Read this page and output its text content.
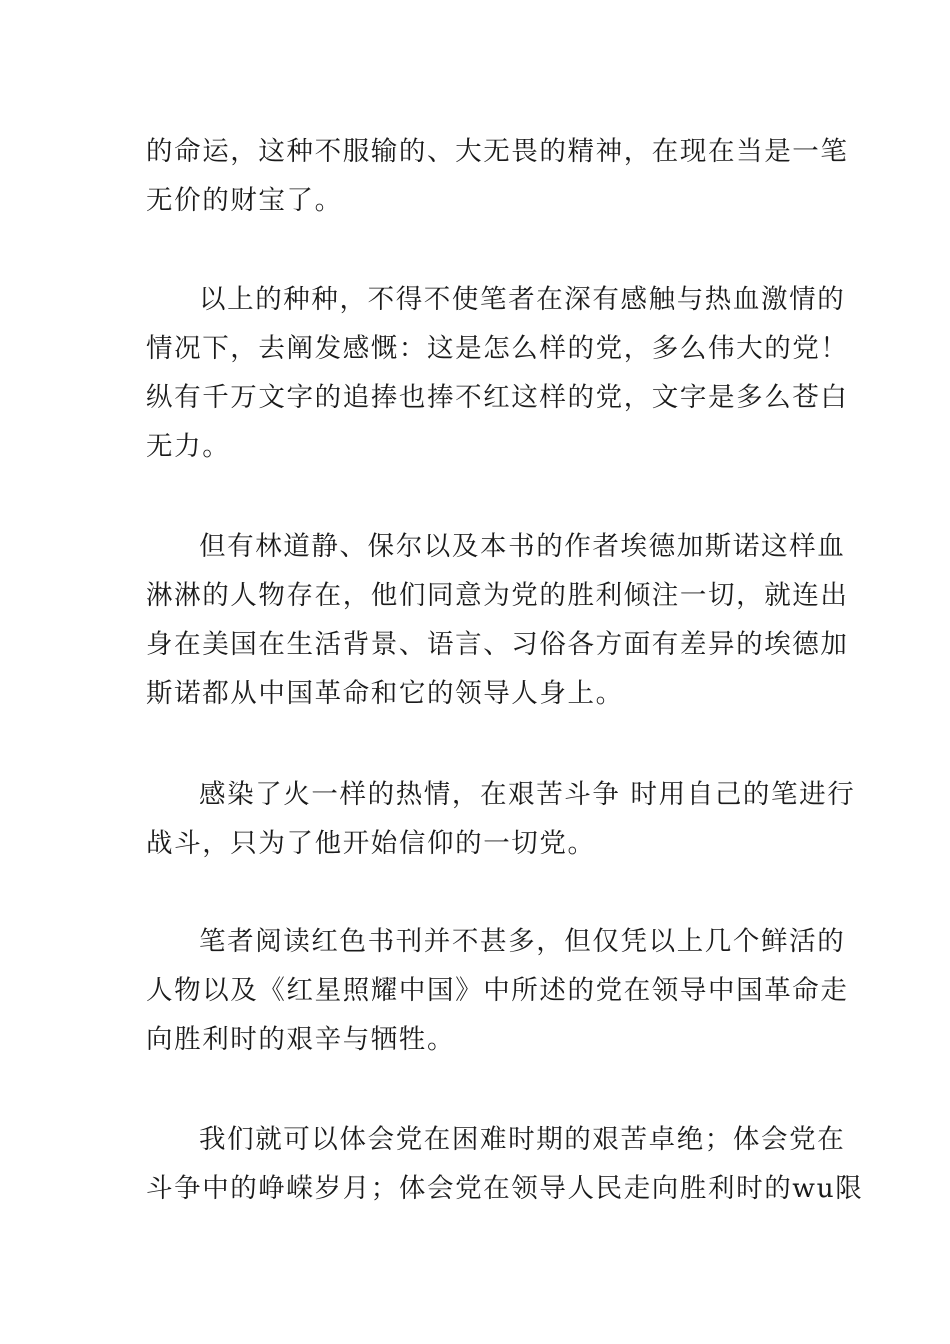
的命运，这种不服输的、大无畏的精神，在现在当是一笔
无价的财宝了。
以上的种种，不得不使笔者在深有感触与热血激情的
情况下，去阐发感慨：这是怎么样的党，多么伟大的党！
纵有千万文字的追捧也捧不红这样的党，文字是多么苍白
无力。
但有林道静、保尔以及本书的作者埃德加斯诺这样血
淋淋的人物存在，他们同意为党的胜利倾注一切，就连出
身在美国在生活背景、语言、习俗各方面有差异的埃德加
斯诺都从中国革命和它的领导人身上。
感染了火一样的热情，在艰苦斗争 时用自己的笔进行
战斗，只为了他开始信仰的一切党。
笔者阅读红色书刊并不甚多，但仅凭以上几个鲜活的
人物以及《红星照耀中国》中所述的党在领导中国革命走
向胜利时的艰辛与牺牲。
我们就可以体会党在困难时期的艰苦卓绝；体会党在
斗争中的峥嵘岁月；体会党在领导人民走向胜利时的wu限
